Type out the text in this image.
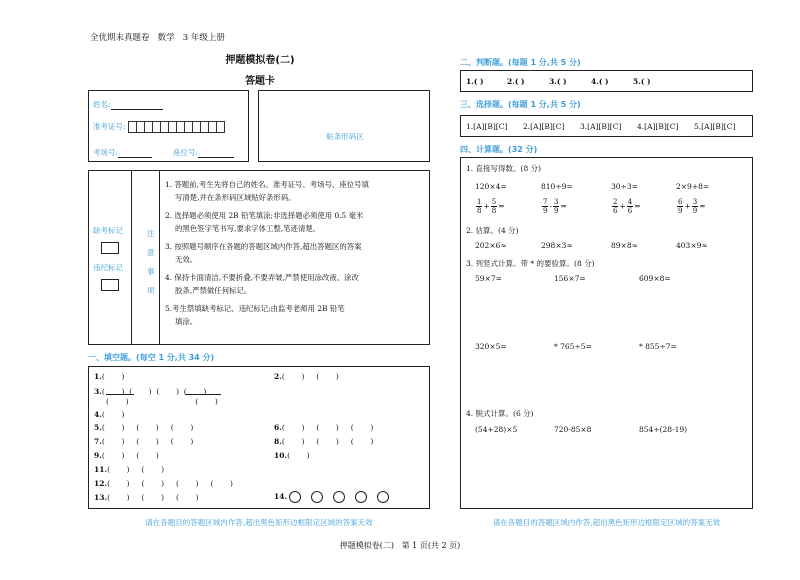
全优期末真题卷 数学 3 年级上册
押题模拟卷(二)
答题卡
姓名:
准考证号:
考场号:	座位号:
粘条形码区
缺考标记
违纪标记
注
意
事
项
1. 答题前,考生先将自己的姓名、准考证号、考场号、座位号填
写清楚,并在条形码区域贴好条形码。
2. 选择题必须使用 2B 铅笔填涂;非选择题必须使用 0.5 毫米
的黑色签字笔书写,要求字体工整,笔迹清楚。
3. 按照题号顺序在各题的答题区域内作答,超出答题区的答案
无效。
4. 保持卡面清洁,不要折叠,不要弄皱,严禁使用涂改液、涂改
胶条,严禁做任何标记。
5.考生禁填缺考标记、违纪标记;由监考老师用 2B 铅笔
填涂。
一、填空题。(每空 1 分,共 34 分)
1.(       )
3.(       )  (       )  (       )  (       )
(       )                            (       )
4.(       )
5.(       )     (       )     (       )
7.(       )     (       )     (       )
9.(       )     (       )
11.(       )     (       )
12.(       )     (       )     (       )     (       )
13.(       )     (       )     (       )
2.(       )     (       )
6.(       )     (       )     (       )
8.(       )     (       )     (       )
10.(       )
14.
请在各题目的答题区域内作答,超出黑色矩形边框限定区域的答案无效
二、判断题。(每题 1 分,共 5 分)
1.( )	2.( )	3.( )	4.( )	5.( )
三、选择题。(每题 1 分,共 5 分)
1.[A][B][C] 2.[A][B][C] 3.[A][B][C] 4.[A][B][C] 5.[A][B][C]
四、计算题。(32 分)
1. 直接写得数。(8 分)
120×4=	810÷9=	30÷3=	2×9+8=
$\frac{1}{8} + \frac{5}{8}$ =	$\frac{7}{9} - \frac{3}{9}$ =	$\frac{2}{6} + \frac{4}{6}$ =	$\frac{6}{9} + \frac{3}{9}$ =
2. 估算。(4 分)
202×6≈	298×3≈	89×8≈	403×9≈
3. 列竖式计算。带 * 的要验算。(8 分)
59×7=	156×7=	609×8=
320×5=	* 765÷5=	* 855÷7=
4. 脱式计算。(6 分)
(54+28)×5	720-85×8	854÷(28-19)
请在各题目的答题区域内作答,超出黑色矩形边框限定区域的答案无效
押题模拟卷(二) 第 1 页(共 2 页)
